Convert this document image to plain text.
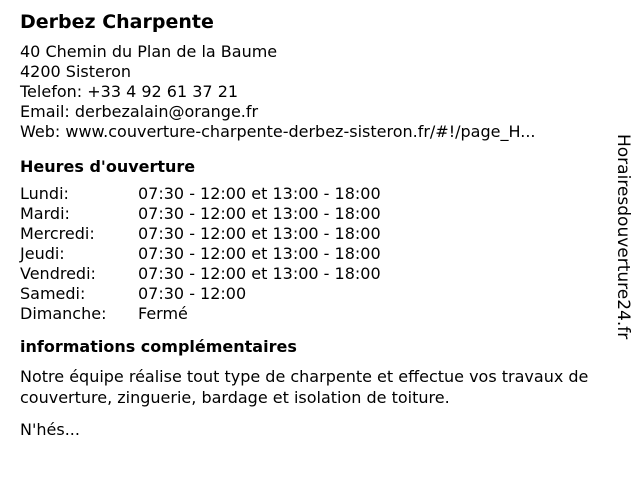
Derbez Charpente
40 Chemin du Plan de la Baume
4200 Sisteron
Telefon: +33 4 92 61 37 21
Email: derbezalain@orange.fr
Web: www.couverture-charpente-derbez-sisteron.fr/#!/page_H...
Heures d'ouverture
Lundi:	07:30 - 12:00 et 13:00 - 18:00
Mardi:	07:30 - 12:00 et 13:00 - 18:00
Mercredi:	07:30 - 12:00 et 13:00 - 18:00
Jeudi:	07:30 - 12:00 et 13:00 - 18:00
Vendredi:	07:30 - 12:00 et 13:00 - 18:00
Samedi:	07:30 - 12:00
Dimanche:	Fermé
informations complémentaires
Notre équipe réalise tout type de charpente et effectue vos travaux de couverture, zinguerie, bardage et isolation de toiture.
N'hés...
Horairesdouverture24.fr
